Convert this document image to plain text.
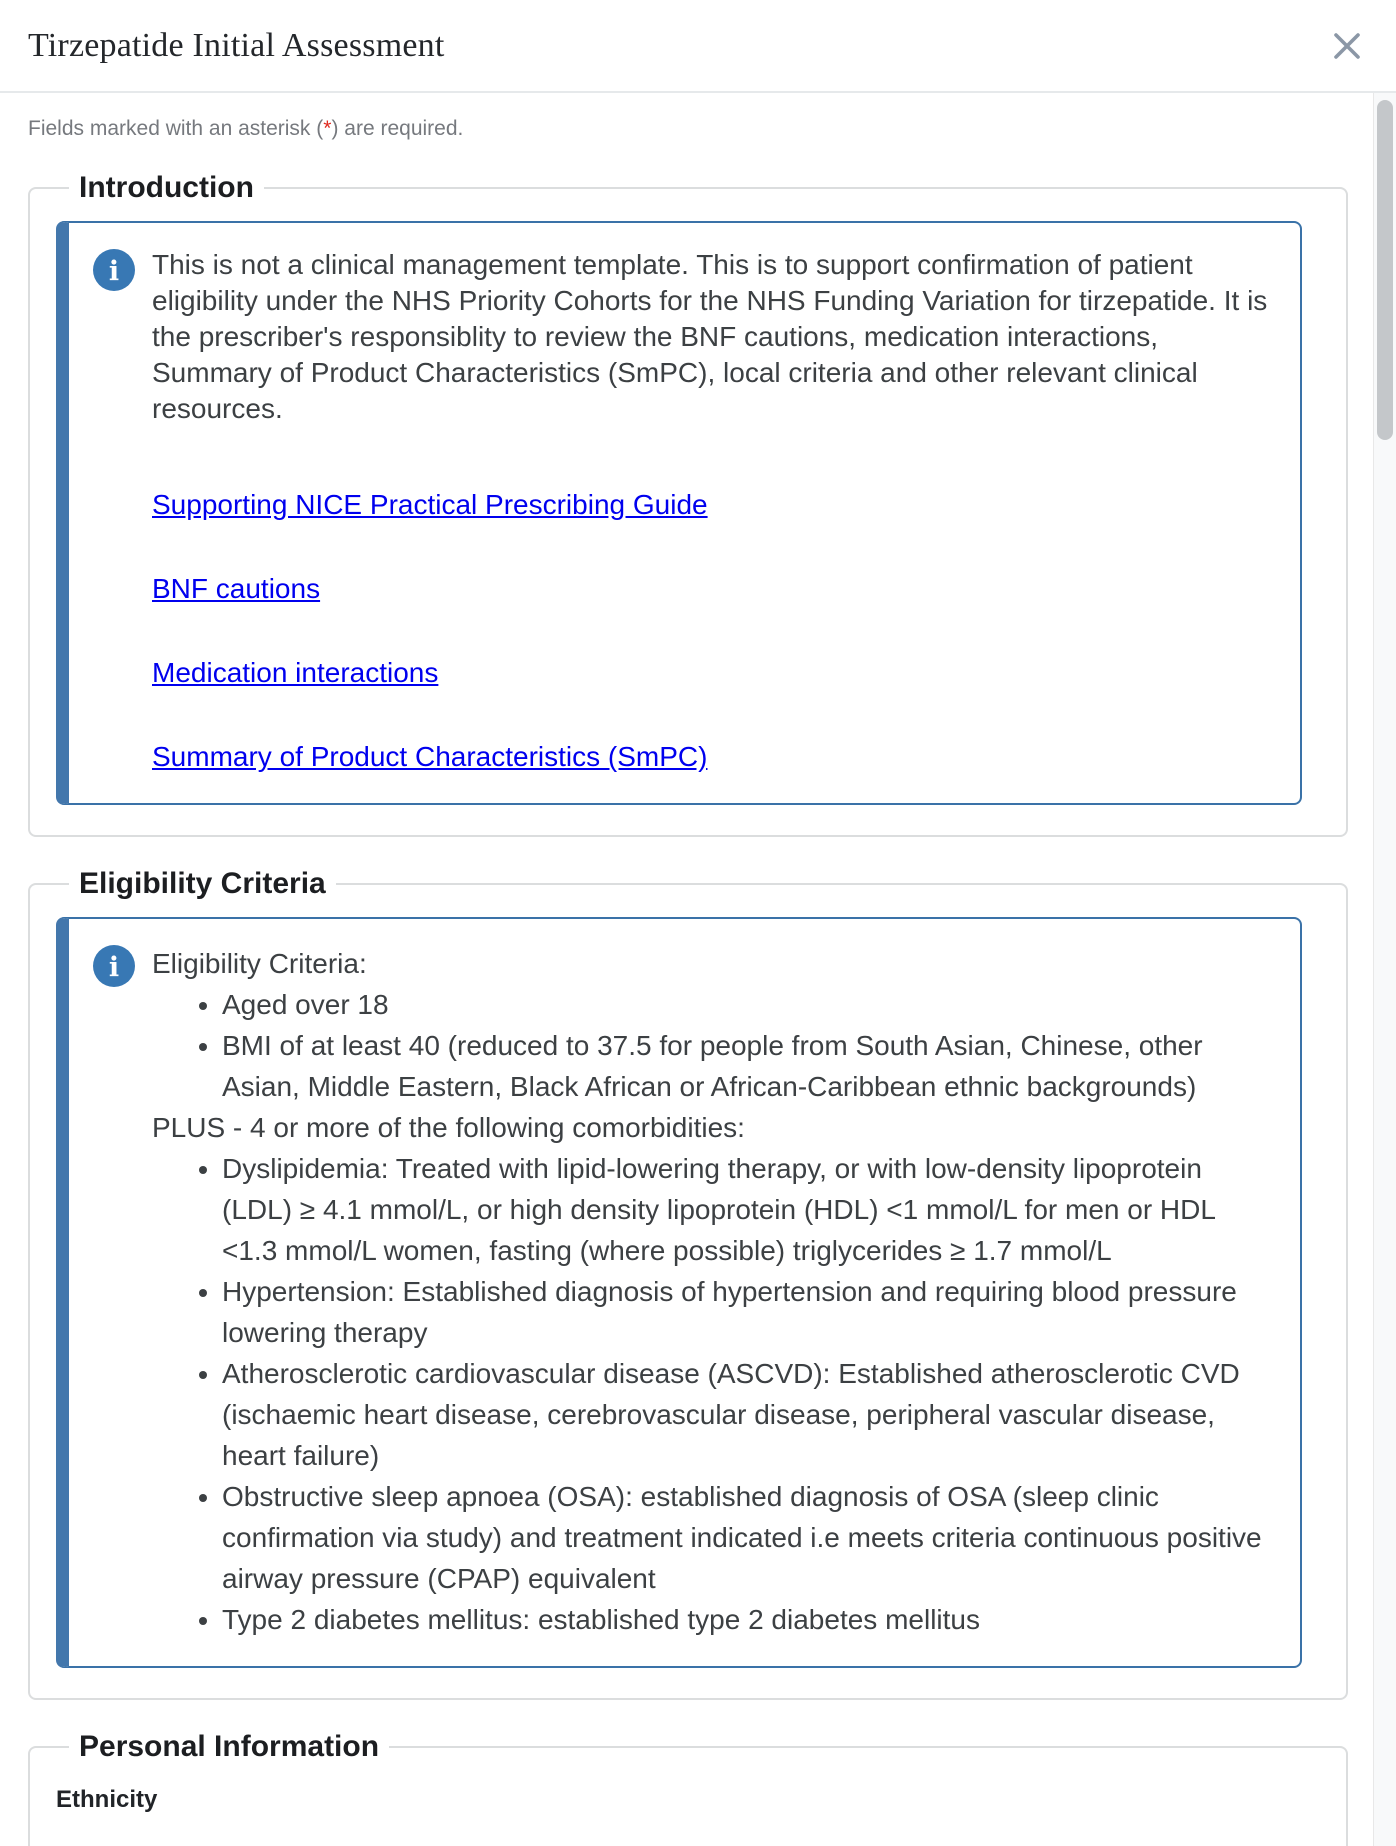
Tirzepatide Initial Assessment

Fields marked with an asterisk (*) are required.

Introduction
i This is not a clinical management template. This is to support confirmation of patient eligibility under the NHS Priority Cohorts for the NHS Funding Variation for tirzepatide. It is the prescriber's responsiblity to review the BNF cautions, medication interactions, Summary of Product Characteristics (SmPC), local criteria and other relevant clinical resources.

Supporting NICE Practical Prescribing Guide

BNF cautions

Medication interactions

Summary of Product Characteristics (SmPC)

Eligibility Criteria
i Eligibility Criteria:

• Aged over 18
• BMI of at least 40 (reduced to 37.5 for people from South Asian, Chinese, other Asian, Middle Eastern, Black African or African-Caribbean ethnic backgrounds)

PLUS - 4 or more of the following comorbidities:

• Dyslipidemia: Treated with lipid-lowering therapy, or with low-density lipoprotein (LDL) ≥ 4.1 mmol/L, or high density lipoprotein (HDL) <1 mmol/L for men or HDL <1.3 mmol/L women, fasting (where possible) triglycerides ≥ 1.7 mmol/L
• Hypertension: Established diagnosis of hypertension and requiring blood pressure lowering therapy
• Atherosclerotic cardiovascular disease (ASCVD): Established atherosclerotic CVD (ischaemic heart disease, cerebrovascular disease, peripheral vascular disease, heart failure)
• Obstructive sleep apnoea (OSA): established diagnosis of OSA (sleep clinic confirmation via study) and treatment indicated i.e meets criteria continuous positive airway pressure (CPAP) equivalent
• Type 2 diabetes mellitus: established type 2 diabetes mellitus
Personal Information
Ethnicity
